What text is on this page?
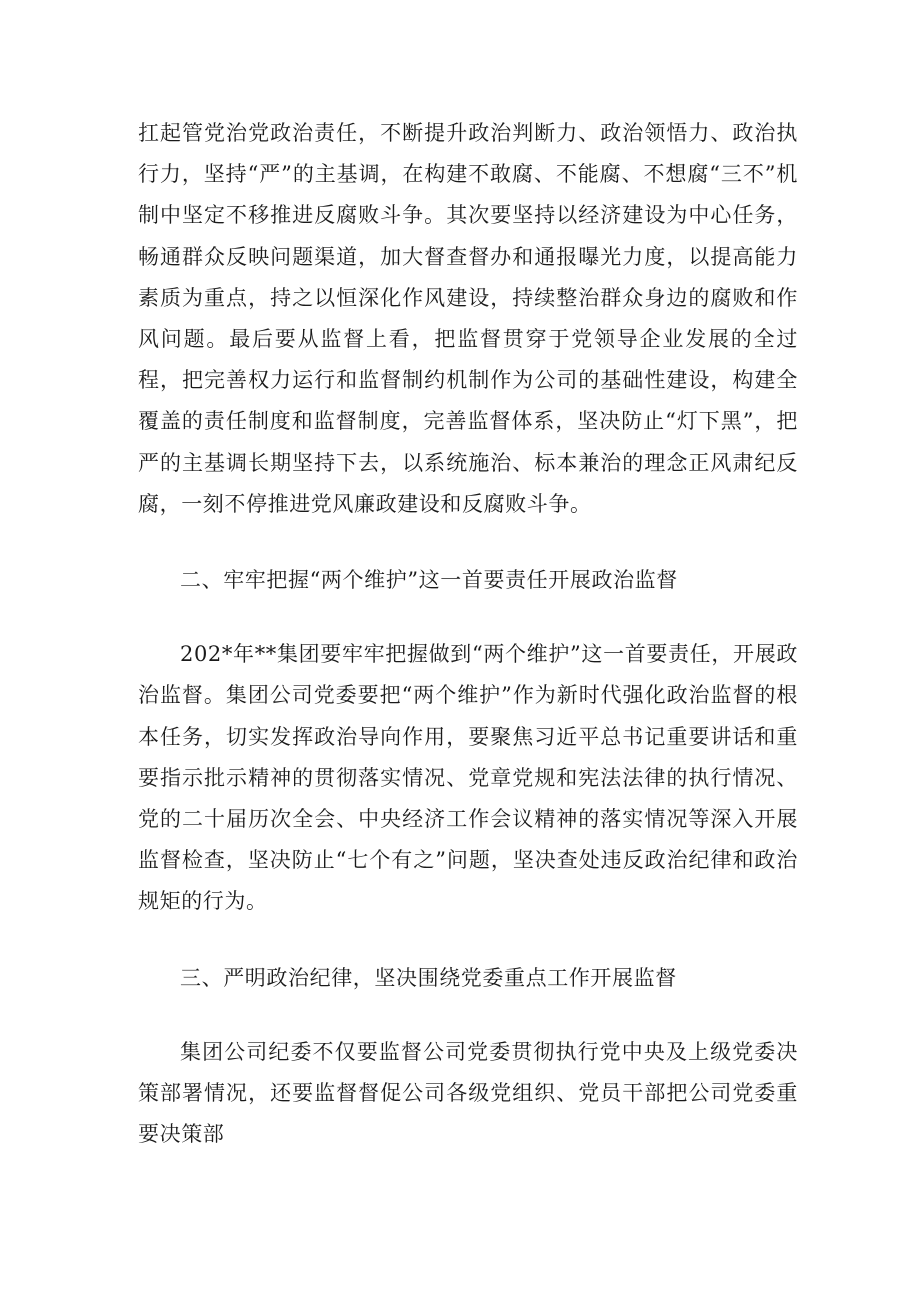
扛起管党治党政治责任，不断提升政治判断力、政治领悟力、政治执行力，坚持“严”的主基调，在构建不敢腐、不能腐、不想腐“三不”机制中坚定不移推进反腐败斗争。其次要坚持以经济建设为中心任务，畅通群众反映问题渠道，加大督查督办和通报曝光力度，以提高能力素质为重点，持之以恒深化作风建设，持续整治群众身边的腐败和作风问题。最后要从监督上看，把监督贯穿于党领导企业发展的全过程，把完善权力运行和监督制约机制作为公司的基础性建设，构建全覆盖的责任制度和监督制度，完善监督体系，坚决防止“灯下黑”，把严的主基调长期坚持下去，以系统施治、标本兼治的理念正风肃纪反腐，一刻不停推进党风廉政建设和反腐败斗争。

二、牢牢把握“两个维护”这一首要责任开展政治监督

202*年**集团要牢牢把握做到“两个维护”这一首要责任，开展政治监督。集团公司党委要把“两个维护”作为新时代强化政治监督的根本任务，切实发挥政治导向作用，要聚焦习近平总书记重要讲话和重要指示批示精神的贯彻落实情况、党章党规和宪法法律的执行情况、党的二十届历次全会、中央经济工作会议精神的落实情况等深入开展监督检查，坚决防止“七个有之”问题，坚决查处违反政治纪律和政治规矩的行为。

三、严明政治纪律，坚决围绕党委重点工作开展监督

集团公司纪委不仅要监督公司党委贯彻执行党中央及上级党委决策部署情况，还要监督督促公司各级党组织、党员干部把公司党委重要决策部
